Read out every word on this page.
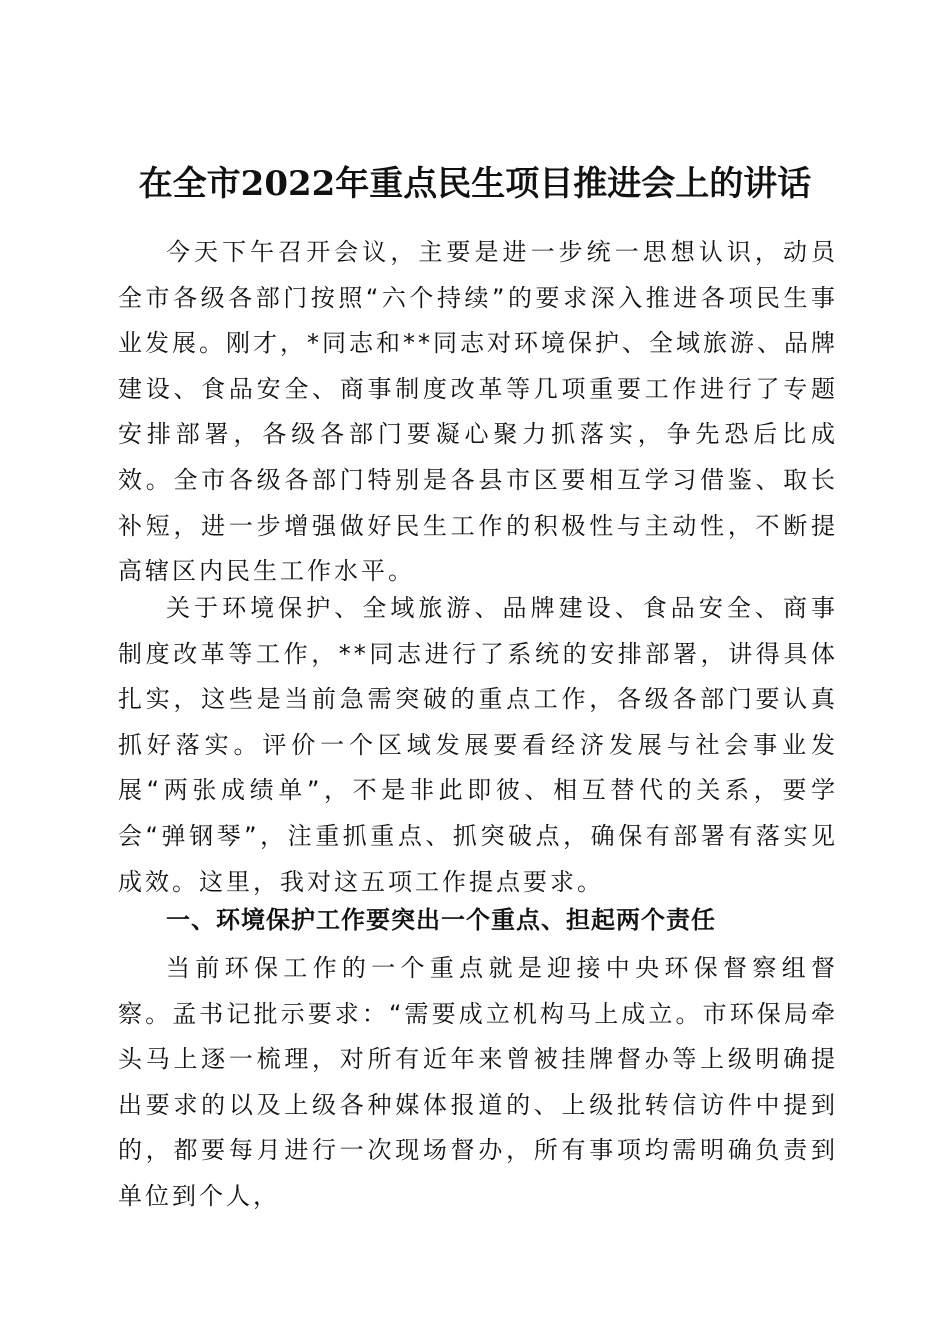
在全市2022年重点民生项目推进会上的讲话

今天下午召开会议，主要是进一步统一思想认识，动员全市各级各部门按照“六个持续”的要求深入推进各项民生事业发展。刚才，*同志和**同志对环境保护、全域旅游、品牌建设、食品安全、商事制度改革等几项重要工作进行了专题安排部署，各级各部门要凝心聚力抓落实，争先恐后比成效。全市各级各部门特别是各县市区要相互学习借鉴、取长补短，进一步增强做好民生工作的积极性与主动性，不断提高辖区内民生工作水平。

关于环境保护、全域旅游、品牌建设、食品安全、商事制度改革等工作，**同志进行了系统的安排部署，讲得具体扎实，这些是当前急需突破的重点工作，各级各部门要认真抓好落实。评价一个区域发展要看经济发展与社会事业发展“两张成绩单”，不是非此即彼、相互替代的关系，要学会“弹钢琴”，注重抓重点、抓突破点，确保有部署有落实见成效。这里，我对这五项工作提点要求。

一、环境保护工作要突出一个重点、担起两个责任

当前环保工作的一个重点就是迎接中央环保督察组督察。孟书记批示要求：“需要成立机构马上成立。市环保局牵头马上逐一梳理，对所有近年来曾被挂牌督办等上级明确提出要求的以及上级各种媒体报道的、上级批转信访件中提到的，都要每月进行一次现场督办，所有事项均需明确负责到单位到个人，
